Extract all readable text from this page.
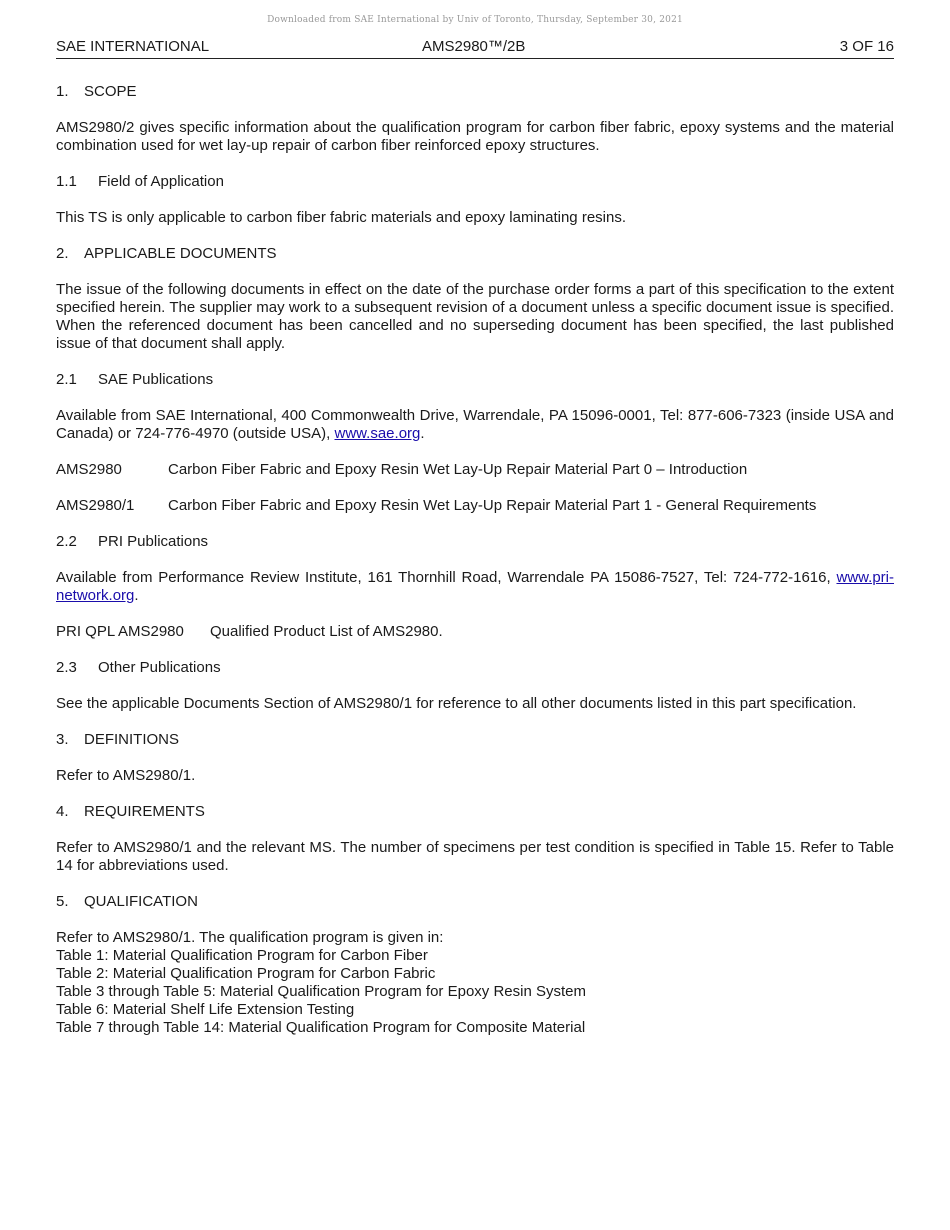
Downloaded from SAE International by Univ of Toronto, Thursday, September 30, 2021
SAE INTERNATIONAL	AMS2980™/2B	3 OF 16
1. SCOPE

AMS2980/2 gives specific information about the qualification program for carbon fiber fabric, epoxy systems and the material combination used for wet lay-up repair of carbon fiber reinforced epoxy structures.

1.1 Field of Application

This TS is only applicable to carbon fiber fabric materials and epoxy laminating resins.

2. APPLICABLE DOCUMENTS

The issue of the following documents in effect on the date of the purchase order forms a part of this specification to the extent specified herein. The supplier may work to a subsequent revision of a document unless a specific document issue is specified. When the referenced document has been cancelled and no superseding document has been specified, the last published issue of that document shall apply.

2.1 SAE Publications

Available from SAE International, 400 Commonwealth Drive, Warrendale, PA 15096-0001, Tel: 877-606-7323 (inside USA and Canada) or 724-776-4970 (outside USA), www.sae.org.

AMS2980	Carbon Fiber Fabric and Epoxy Resin Wet Lay-Up Repair Material Part 0 – Introduction
AMS2980/1	Carbon Fiber Fabric and Epoxy Resin Wet Lay-Up Repair Material Part 1 - General Requirements
2.2 PRI Publications

Available from Performance Review Institute, 161 Thornhill Road, Warrendale PA 15086-7527, Tel: 724-772-1616, www.pri-network.org.

PRI QPL AMS2980	Qualified Product List of AMS2980.
2.3 Other Publications

See the applicable Documents Section of AMS2980/1 for reference to all other documents listed in this part specification.

3. DEFINITIONS

Refer to AMS2980/1.

4. REQUIREMENTS

Refer to AMS2980/1 and the relevant MS. The number of specimens per test condition is specified in Table 15. Refer to Table 14 for abbreviations used.

5. QUALIFICATION

Refer to AMS2980/1. The qualification program is given in:

Table 1: Material Qualification Program for Carbon Fiber

Table 2: Material Qualification Program for Carbon Fabric

Table 3 through Table 5: Material Qualification Program for Epoxy Resin System

Table 6: Material Shelf Life Extension Testing

Table 7 through Table 14: Material Qualification Program for Composite Material
